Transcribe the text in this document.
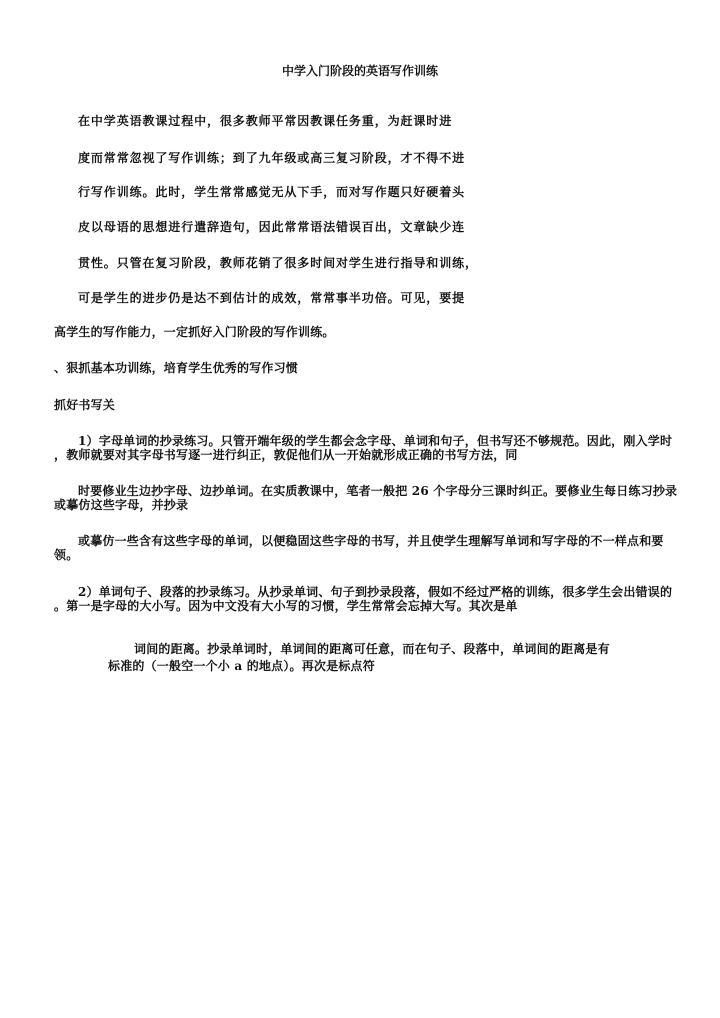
中学入门阶段的英语写作训练
在中学英语教课过程中，很多教师平常因教课任务重，为赶课时进
度而常常忽视了写作训练；到了九年级或高三复习阶段，才不得不进
行写作训练。此时，学生常常感觉无从下手，而对写作题只好硬着头
皮以母语的思想进行遣辞造句，因此常常语法错误百出，文章缺少连
贯性。只管在复习阶段，教师花销了很多时间对学生进行指导和训练，
可是学生的进步仍是达不到估计的成效，常常事半功倍。可见，要提
高学生的写作能力，一定抓好入门阶段的写作训练。
、狠抓基本功训练，培育学生优秀的写作习惯
抓好书写关
1）字母单词的抄录练习。只管开端年级的学生都会念字母、单词和句子，但书写还不够规范。因此，刚入学时
，教师就要对其字母书写逐一进行纠正，敦促他们从一开始就形成正确的书写方法，同
时要修业生边抄字母、边抄单词。在实质教课中，笔者一般把 26 个字母分三课时纠正。要修业生每日练习抄录
或摹仿这些字母，并抄录
或摹仿一些含有这些字母的单词，以便稳固这些字母的书写，并且使学生理解写单词和写字母的不一样点和要
领。
2）单词句子、段落的抄录练习。从抄录单词、句子到抄录段落，假如不经过严格的训练，很多学生会出错误的
。第一是字母的大小写。因为中文没有大小写的习惯，学生常常会忘掉大写。其次是单
词间的距离。抄录单词时，单词间的距离可任意，而在句子、段落中，单词间的距离是有
标准的（一般空一个小 a 的地点）。再次是标点符
